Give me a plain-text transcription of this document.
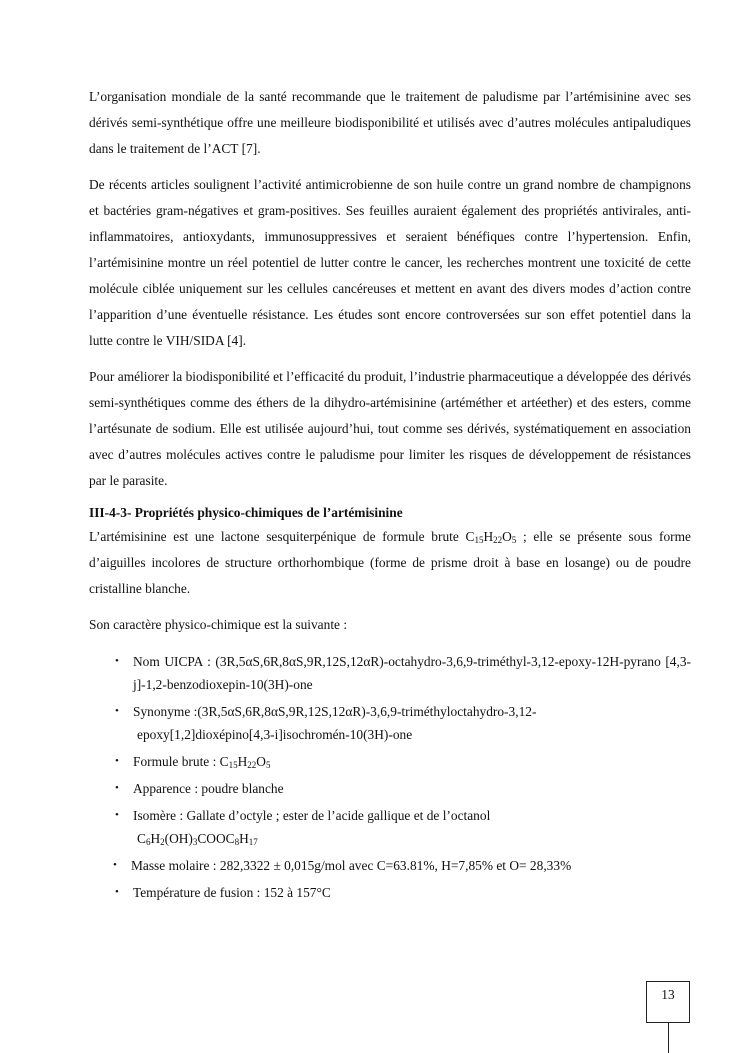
L’organisation mondiale de la santé recommande que le traitement de paludisme par l’artémisinine avec ses dérivés semi-synthétique offre une meilleure biodisponibilité et utilisés avec d’autres molécules antipaludiques dans le traitement de l’ACT [7].

De récents articles soulignent l’activité antimicrobienne de son huile contre un grand nombre de champignons et bactéries gram-négatives et gram-positives. Ses feuilles auraient également des propriétés antivirales, anti-inflammatoires, antioxydants, immunosuppressives et seraient bénéfiques contre l’hypertension. Enfin, l’artémisinine montre un réel potentiel de lutter contre le cancer, les recherches montrent une toxicité de cette molécule ciblée uniquement sur les cellules cancéreuses et mettent en avant des divers modes d’action contre l’apparition d’une éventuelle résistance. Les études sont encore controversées sur son effet potentiel dans la lutte contre le VIH/SIDA [4].

Pour améliorer la biodisponibilité et l’efficacité du produit, l’industrie pharmaceutique a développée des dérivés semi-synthétiques comme des éthers de la dihydro-artémisinine (artéméther et artéether) et des esters, comme l’artésunate de sodium. Elle est utilisée aujourd’hui, tout comme ses dérivés, systématiquement en association avec d’autres molécules actives contre le paludisme pour limiter les risques de développement de résistances par le parasite.

III-4-3- Propriétés physico-chimiques de l’artémisinine

L’artémisinine est une lactone sesquiterpénique de formule brute $C_{15}H_{22}O_5$ ; elle se présente sous forme d’aiguilles incolores de structure orthorhombique (forme de prisme droit à base en losange) ou de poudre cristalline blanche.

Son caractère physico-chimique est la suivante :

• Nom UICPA : (3R,5αS,6R,8αS,9R,12S,12αR)-octahydro-3,6,9-triméthyl-3,12-epoxy-12H-pyrano [4,3-j]-1,2-benzodioxepin-10(3H)-one
• Synonyme :(3R,5αS,6R,8αS,9R,12S,12αR)-3,6,9-triméthyloctahydro-3,12-

epoxy[1,2]dioxépino[4,3-i]isochromén-10(3H)-one
• Formule brute : $C_{15}H_{22}O_5$
• Apparence : poudre blanche
• Isomère : Gallate d’octyle ; ester de l’acide gallique et de l’octanol

$C_6H_2(OH)_3COOC_8H_{17}$
• Masse molaire : 282,3322 ± 0,015g/mol avec C=63.81%, H=7,85% et O= 28,33%
• Température de fusion : 152 à 157°C
13
